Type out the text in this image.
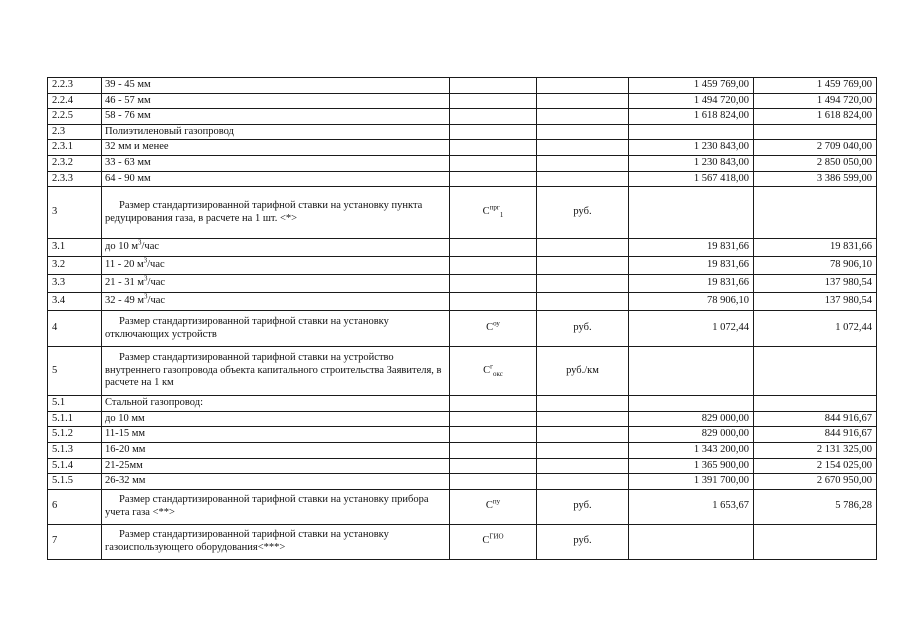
2.2.3	39 - 45 мм			1 459 769,00	1 459 769,00
2.2.4	46 - 57 мм			1 494 720,00	1 494 720,00
2.2.5	58 - 76 мм			1 618 824,00	1 618 824,00
2.3	Полиэтиленовый газопровод				
2.3.1	32 мм и менее			1 230 843,00	2 709 040,00
2.3.2	33 - 63 мм			1 230 843,00	2 850 050,00
2.3.3	64 - 90 мм			1 567 418,00	3 386 599,00
3	Размер стандартизированной тарифной ставки на установку пункта редуцирования газа, в расчете на 1 шт. <*>	$С^{прг}_1$	руб.		
3.1	до 10 $м^3$/час			19 831,66	19 831,66
3.2	11 - 20 $м^3$/час			19 831,66	78 906,10
3.3	21 - 31 $м^3$/час			19 831,66	137 980,54
3.4	32 - 49 $м^3$/час			78 906,10	137 980,54
4	Размер стандартизированной тарифной ставки на установку отключающих устройств	$С^{оу}$	руб.	1 072,44	1 072,44
5	Размер стандартизированной тарифной ставки на устройство внутреннего газопровода объекта капитального строительства Заявителя, в расчете на 1 км	$С^г_{окс}$	руб./км		
5.1	Стальной газопровод:				
5.1.1	до 10 мм			829 000,00	844 916,67
5.1.2	11-15 мм			829 000,00	844 916,67
5.1.3	16-20 мм			1 343 200,00	2 131 325,00
5.1.4	21-25мм			1 365 900,00	2 154 025,00
5.1.5	26-32 мм			1 391 700,00	2 670 950,00
6	Размер стандартизированной тарифной ставки на установку прибора учета газа <**>	$С^{пу}$	руб.	1 653,67	5 786,28
7	Размер стандартизированной тарифной ставки на установку газоиспользующего оборудования<***>	$С^{ГИО}$	руб.		
